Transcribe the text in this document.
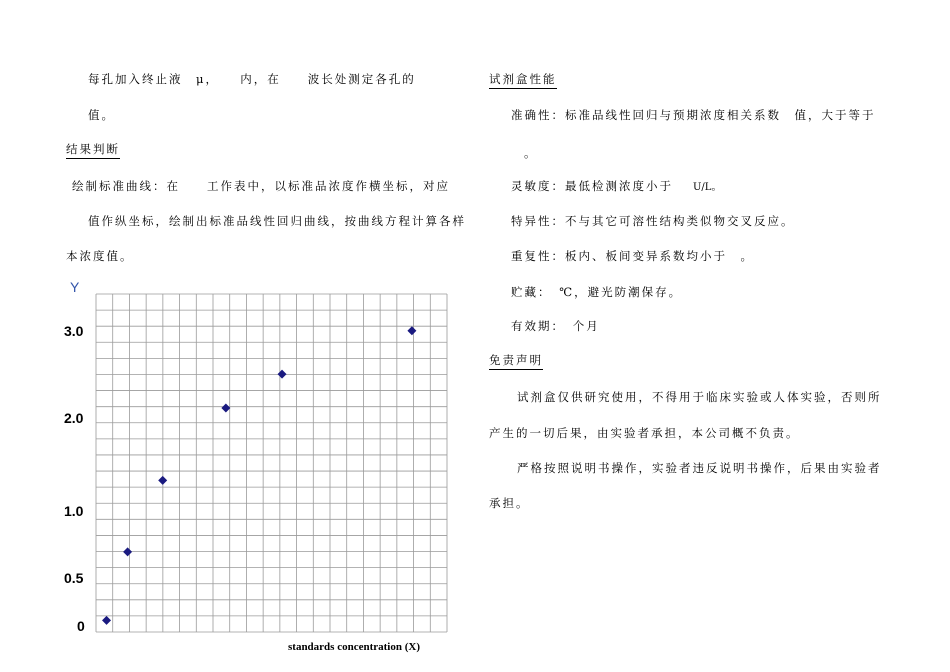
每孔加入终止液　μ，　　内，在　　波长处测定各孔的
值。
结果判断
绘制标准曲线：在　　工作表中，以标准品浓度作横坐标，对应
值作纵坐标，绘制出标准品线性回归曲线，按曲线方程计算各样
本浓度值。
Y
3.0
2.0
1.0
0.5
0
standards concentration (X)
试剂盒性能
准确性：标准品线性回归与预期浓度相关系数　值，大于等于
。
灵敏度：最低检测浓度小于 U/L。
特异性：不与其它可溶性结构类似物交叉反应。
重复性：板内、板间变异系数均小于　。
贮藏：　℃，避光防潮保存。
有效期：　个月
免责声明
试剂盒仅供研究使用，不得用于临床实验或人体实验，否则所
产生的一切后果，由实验者承担，本公司概不负责。
严格按照说明书操作，实验者违反说明书操作，后果由实验者
承担。
